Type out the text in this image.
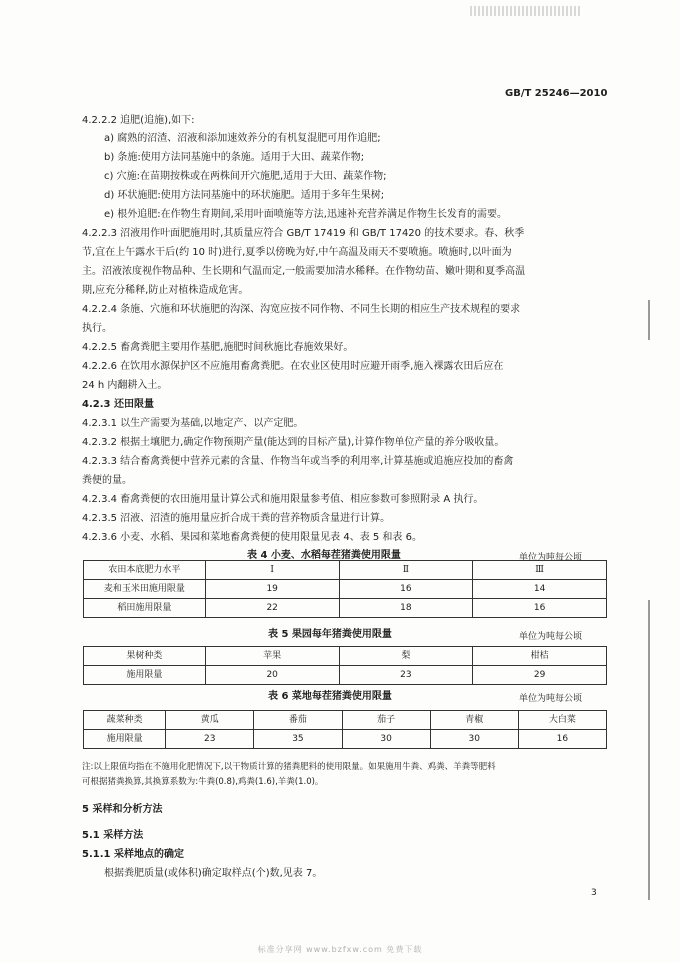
GB/T 25246—2010
4.2.2.2 追肥(追施),如下:
a) 腐熟的沼渣、沼液和添加速效养分的有机复混肥可用作追肥;
b) 条施:使用方法同基施中的条施。适用于大田、蔬菜作物;
c) 穴施:在苗期按株或在两株间开穴施肥,适用于大田、蔬菜作物;
d) 环状施肥:使用方法同基施中的环状施肥。适用于多年生果树;
e) 根外追肥:在作物生育期间,采用叶面喷施等方法,迅速补充营养满足作物生长发育的需要。
4.2.2.3 沼液用作叶面肥施用时,其质量应符合 GB/T 17419 和 GB/T 17420 的技术要求。春、秋季
节,宜在上午露水干后(约 10 时)进行,夏季以傍晚为好,中午高温及雨天不要喷施。喷施时,以叶面为
主。沼液浓度视作物品种、生长期和气温而定,一般需要加清水稀释。在作物幼苗、嫩叶期和夏季高温
期,应充分稀释,防止对植株造成危害。
4.2.2.4 条施、穴施和环状施肥的沟深、沟宽应按不同作物、不同生长期的相应生产技术规程的要求
执行。
4.2.2.5 畜禽粪肥主要用作基肥,施肥时间秋施比春施效果好。
4.2.2.6 在饮用水源保护区不应施用畜禽粪肥。在农业区使用时应避开雨季,施入裸露农田后应在
24 h 内翻耕入土。
4.2.3 还田限量
4.2.3.1 以生产需要为基础,以地定产、以产定肥。
4.2.3.2 根据土壤肥力,确定作物预期产量(能达到的目标产量),计算作物单位产量的养分吸收量。
4.2.3.3 结合畜禽粪便中营养元素的含量、作物当年或当季的利用率,计算基施或追施应投加的畜禽
粪便的量。
4.2.3.4 畜禽粪便的农田施用量计算公式和施用限量参考值、相应参数可参照附录 A 执行。
4.2.3.5 沼液、沼渣的施用量应折合成干粪的营养物质含量进行计算。
4.2.3.6 小麦、水稻、果园和菜地畜禽粪便的使用限量见表 4、表 5 和表 6。
表 4 小麦、水稻每茬猪粪使用限量	单位为吨每公顷
农田本底肥力水平	Ⅰ	Ⅱ	Ⅲ
麦和玉米田施用限量	19	16	14
稻田施用限量	22	18	16
表 5 果园每年猪粪使用限量	单位为吨每公顷
果树种类	苹果	梨	柑桔
施用限量	20	23	29
表 6 菜地每茬猪粪使用限量	单位为吨每公顷
蔬菜种类	黄瓜	番茄	茄子	青椒	大白菜
施用限量	23	35	30	30	16
注:以上限值均指在不施用化肥情况下,以干物质计算的猪粪肥料的使用限量。如果施用牛粪、鸡粪、羊粪等肥料
可根据猪粪换算,其换算系数为:牛粪(0.8),鸡粪(1.6),羊粪(1.0)。
5 采样和分析方法
5.1 采样方法
5.1.1 采样地点的确定
根据粪肥质量(或体积)确定取样点(个)数,见表 7。
3
标准分享网 www.bzfxw.com 免费下载
